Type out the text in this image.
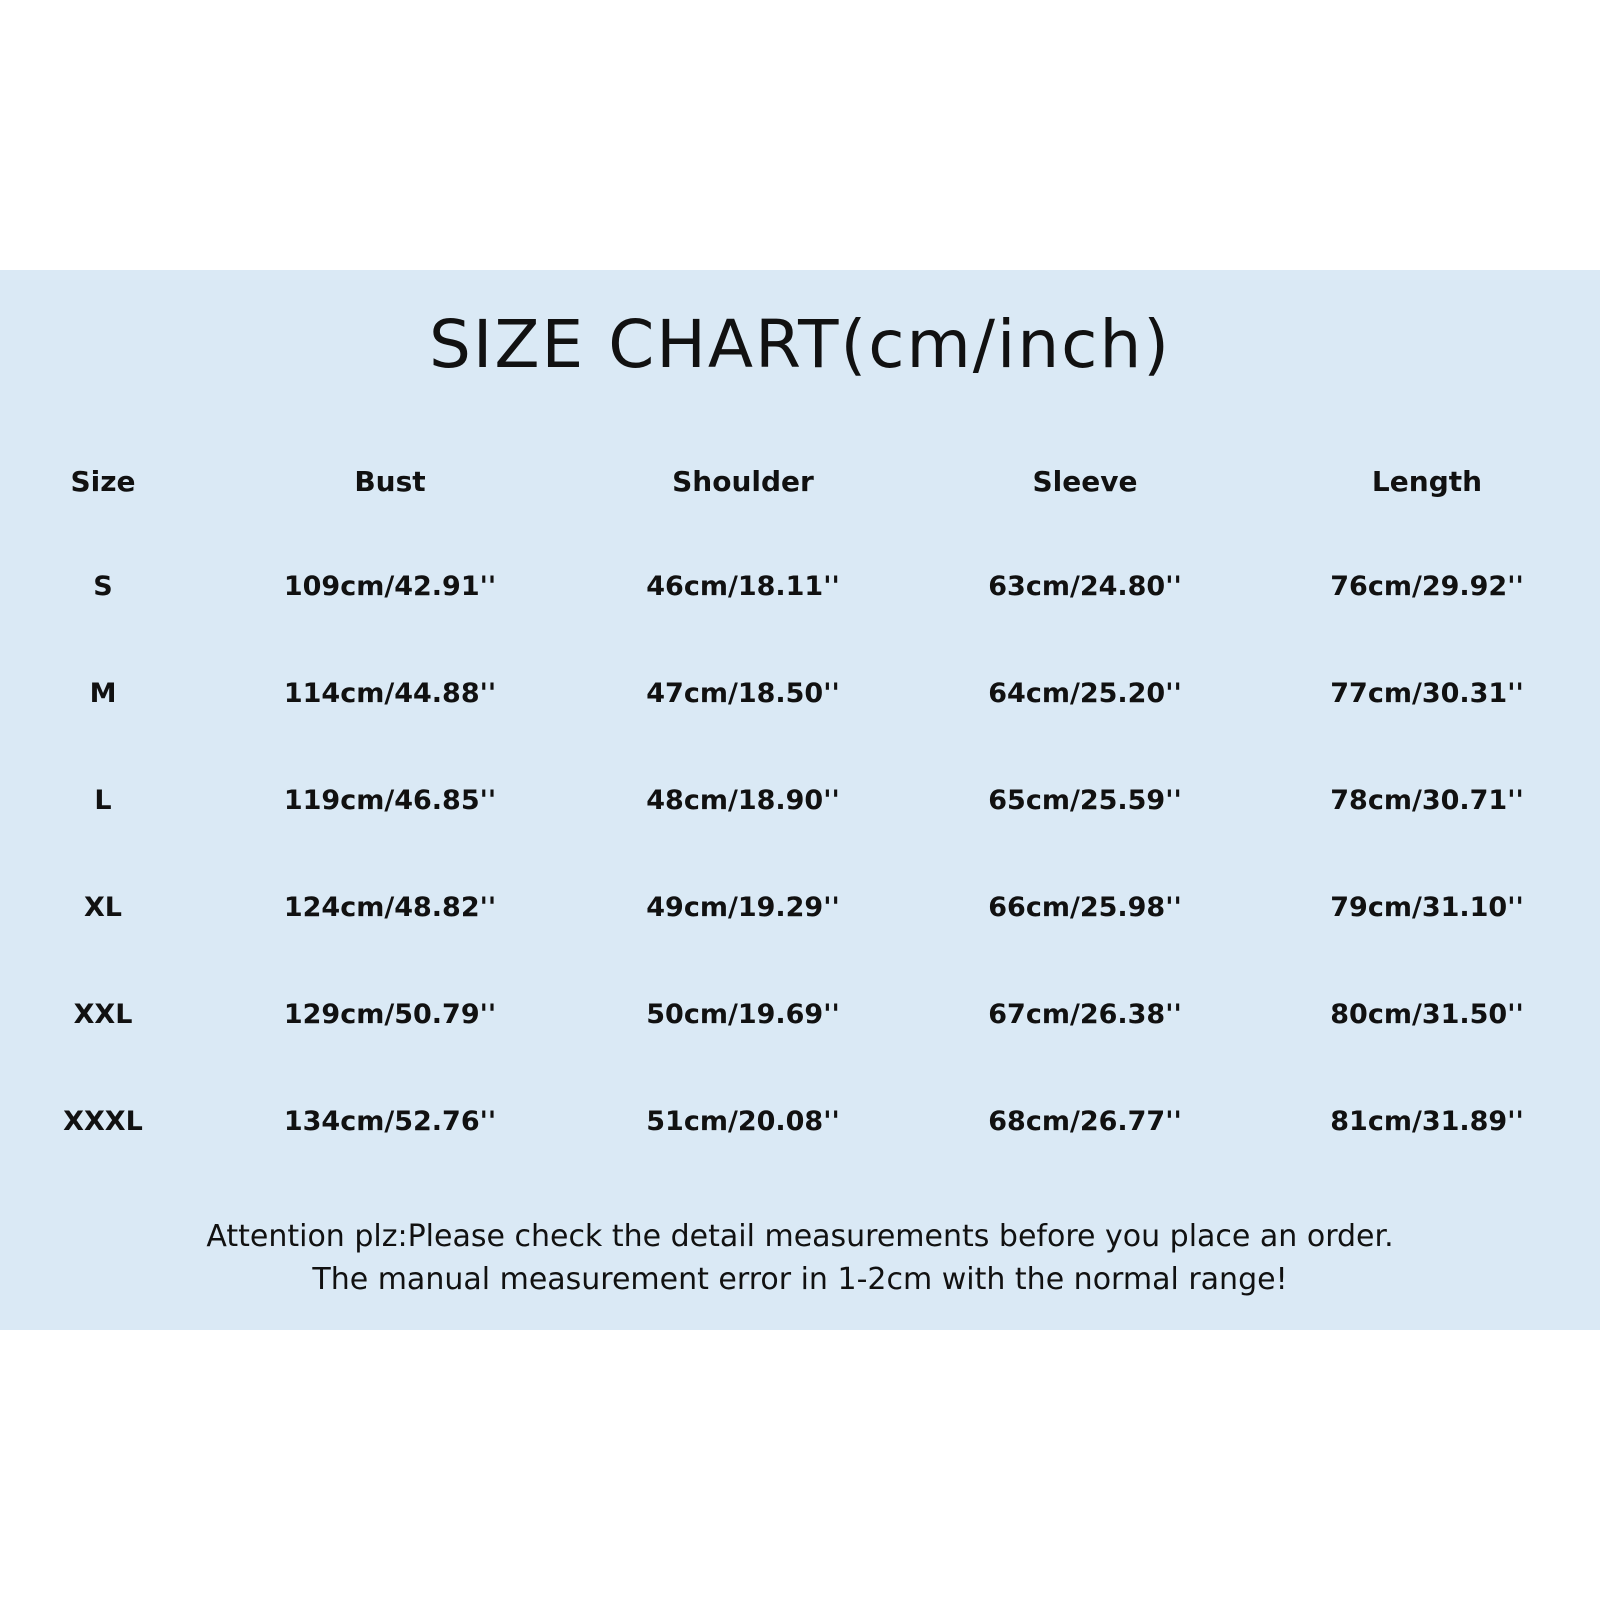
SIZE CHART(cm/inch)
Size	Bust	Shoulder	Sleeve	Length
S	109cm/42.91''	46cm/18.11''	63cm/24.80''	76cm/29.92''
M	114cm/44.88''	47cm/18.50''	64cm/25.20''	77cm/30.31''
L	119cm/46.85''	48cm/18.90''	65cm/25.59''	78cm/30.71''
XL	124cm/48.82''	49cm/19.29''	66cm/25.98''	79cm/31.10''
XXL	129cm/50.79''	50cm/19.69''	67cm/26.38''	80cm/31.50''
XXXL	134cm/52.76''	51cm/20.08''	68cm/26.77''	81cm/31.89''
Attention plz:Please check the detail measurements before you place an order.
The manual measurement error in 1-2cm with the normal range!
